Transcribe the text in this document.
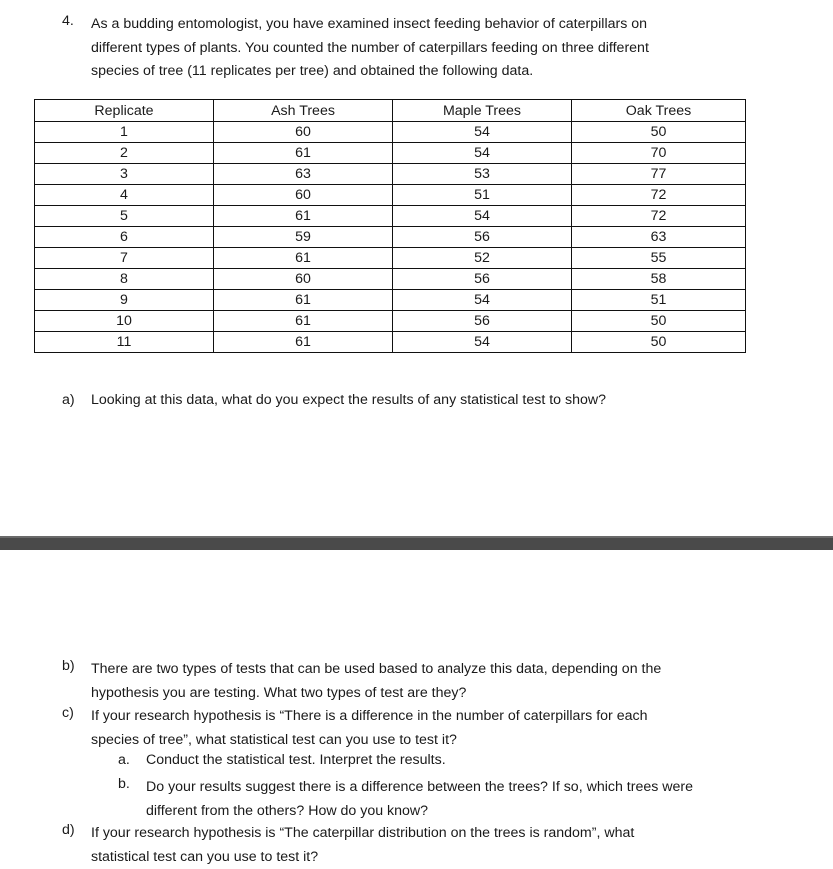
4. As a budding entomologist, you have examined insect feeding behavior of caterpillars on
different types of plants. You counted the number of caterpillars feeding on three different
species of tree (11 replicates per tree) and obtained the following data.
Replicate	Ash Trees	Maple Trees	Oak Trees
1	60	54	50
2	61	54	70
3	63	53	77
4	60	51	72
5	61	54	72
6	59	56	63
7	61	52	55
8	60	56	58
9	61	54	51
10	61	56	50
11	61	54	50
a) Looking at this data, what do you expect the results of any statistical test to show?
b) There are two types of tests that can be used based to analyze this data, depending on the
hypothesis you are testing. What two types of test are they?
c) If your research hypothesis is “There is a difference in the number of caterpillars for each
species of tree”, what statistical test can you use to test it?
a. Conduct the statistical test. Interpret the results.
b. Do your results suggest there is a difference between the trees? If so, which trees were
different from the others? How do you know?
d) If your research hypothesis is “The caterpillar distribution on the trees is random”, what
statistical test can you use to test it?
